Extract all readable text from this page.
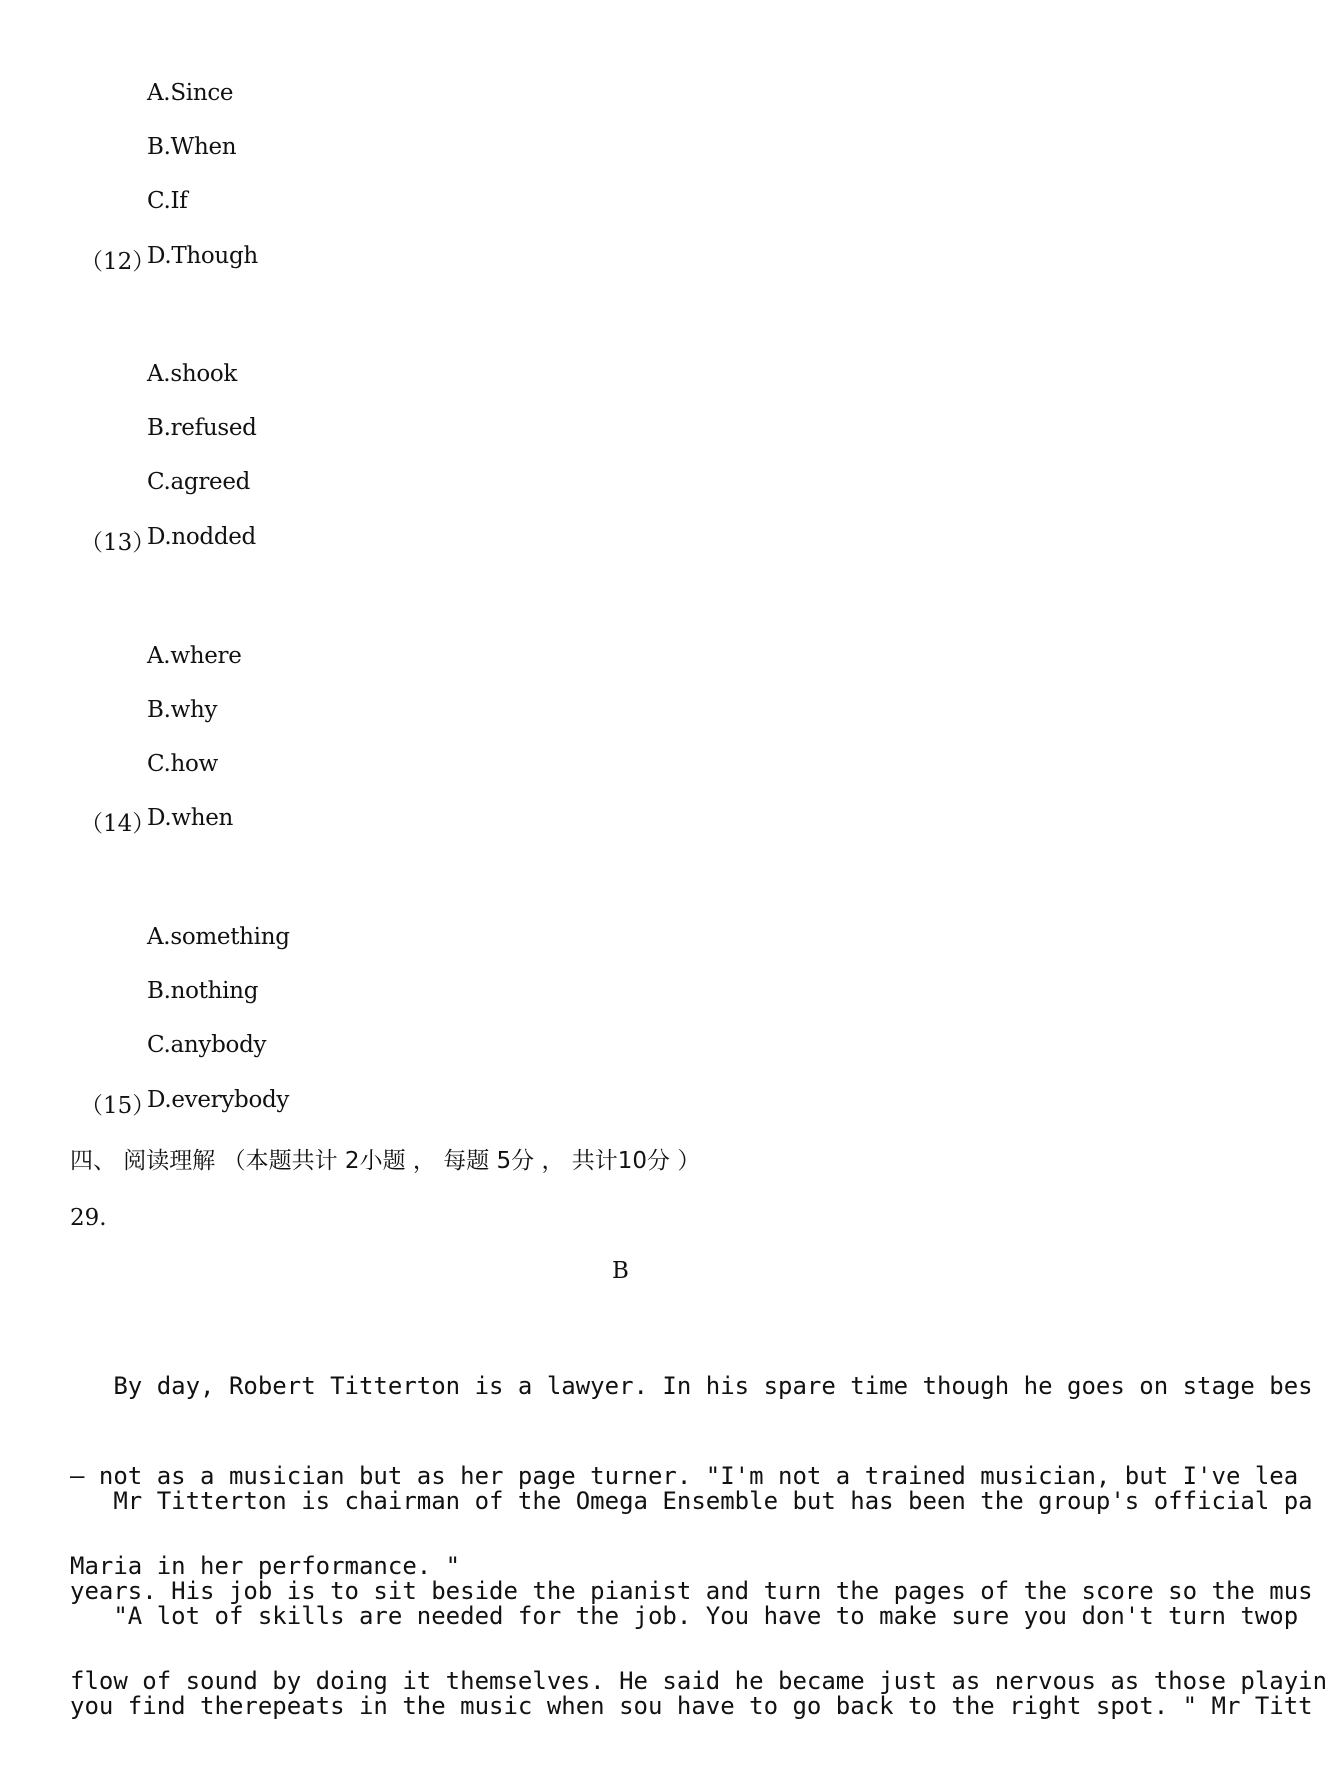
A.Since
B.When
C.If
（12）
D.Though
A.shook
B.refused
C.agreed
（13）
D.nodded
A.where
B.why
C.how
（14）
D.when
A.something
B.nothing
C.anybody
（15）
D.everybody
四、 阅读理解 （本题共计 2小题 ， 每题 5分 ， 共计10分 ）
29.
B

By day, Robert Titterton is a lawyer. In his spare time though he goes on stage bes

— not as a musician but as her page turner. "I'm not a trained musician, but I've lea

Maria in her performance. "

Mr Titterton is chairman of the Omega Ensemble but has been the group's official pa

years. His job is to sit beside the pianist and turn the pages of the score so the mus

flow of sound by doing it themselves. He said he became just as nervous as those playin

"A lot of skills are needed for the job. You have to make sure you don't turn twop

you find therepeats in the music when sou have to go back to the right spot. " Mr Titt
